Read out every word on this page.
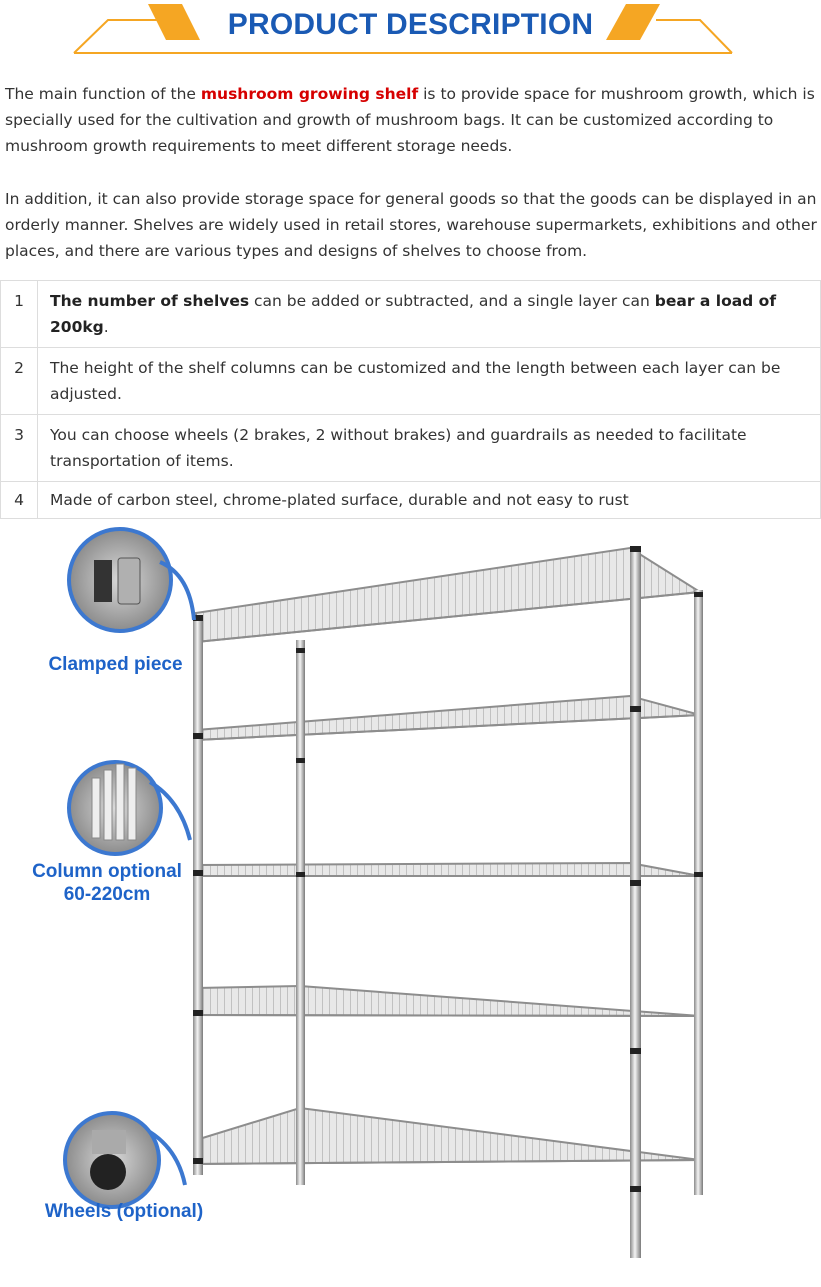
PRODUCT DESCRIPTION

The main function of the mushroom growing shelf is to provide space for mushroom growth, which is specially used for the cultivation and growth of mushroom bags. It can be customized according to mushroom growth requirements to meet different storage needs.

In addition, it can also provide storage space for general goods so that the goods can be displayed in an orderly manner. Shelves are widely used in retail stores, warehouse supermarkets, exhibitions and other places, and there are various types and designs of shelves to choose from.

1	The number of shelves can be added or subtracted, and a single layer can bear a load of 200kg.
2	The height of the shelf columns can be customized and the length between each layer can be adjusted.
3	You can choose wheels (2 brakes, 2 without brakes) and guardrails as needed to facilitate transportation of items.
4	Made of carbon steel, chrome-plated surface, durable and not easy to rust
Clamped piece
Column optional
60-220cm
Wheels (optional)
